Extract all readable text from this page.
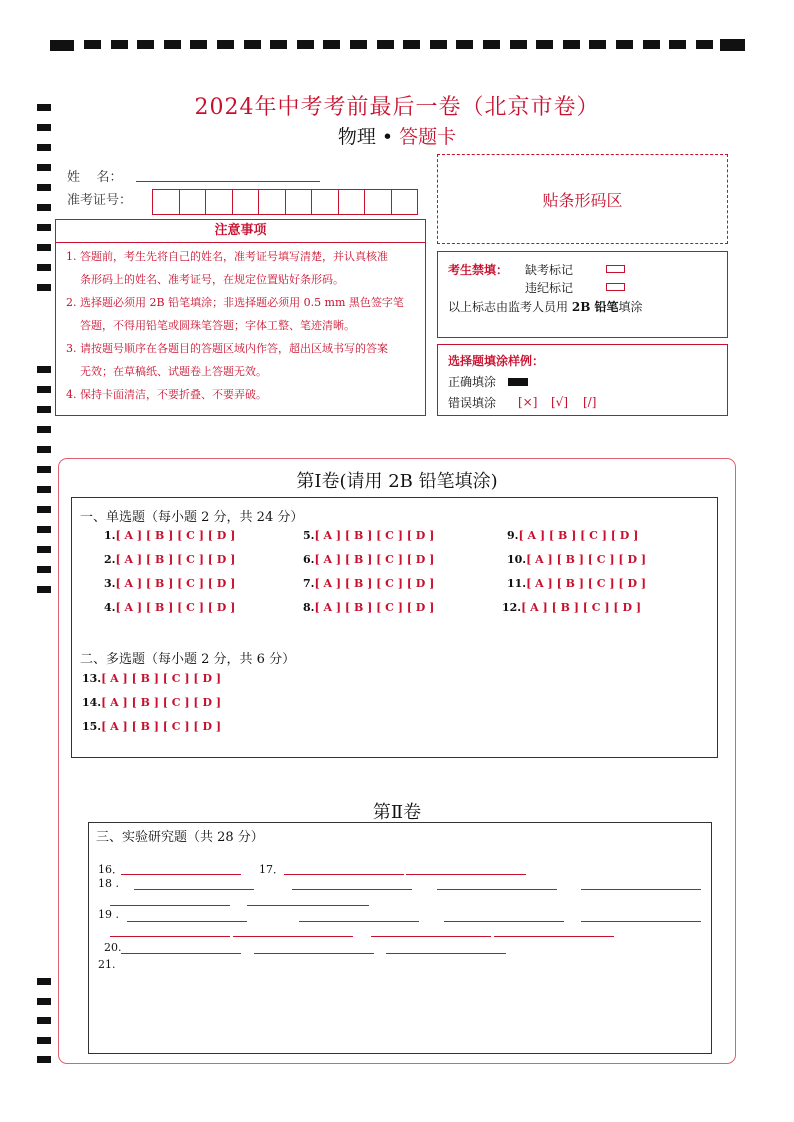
2024年中考考前最后一卷（北京市卷）
物理 • 答题卡
姓    名：
准考证号：	贴条形码区
注意事项
1. 答题前，考生先将自己的姓名，准考证号填写清楚，并认真核准
条形码上的姓名、准考证号，在规定位置贴好条形码。
2. 选择题必须用 2B 铅笔填涂；非选择题必须用 0.5 mm 黑色签字笔
答题，不得用铅笔或圆珠笔答题；字体工整、笔迹清晰。
3. 请按题号顺序在各题目的答题区域内作答，超出区域书写的答案
无效；在草稿纸、试题卷上答题无效。
4. 保持卡面清洁，不要折叠、不要弄破。
考生禁填： 缺考标记
违纪标记
以上标志由监考人员用 2B 铅笔填涂
选择题填涂样例：
正确填涂
错误填涂 [×] [√] [/]
第Ⅰ卷(请用 2B 铅笔填涂)
一、单选题（每小题 2 分，共 24 分）
1.[ A ] [ B ] [ C ] [ D ]
2.[ A ] [ B ] [ C ] [ D ]
3.[ A ] [ B ] [ C ] [ D ]
4.[ A ] [ B ] [ C ] [ D ]
5.[ A ] [ B ] [ C ] [ D ]
6.[ A ] [ B ] [ C ] [ D ]
7.[ A ] [ B ] [ C ] [ D ]
8.[ A ] [ B ] [ C ] [ D ]
9.[ A ] [ B ] [ C ] [ D ]
10.[ A ] [ B ] [ C ] [ D ]
11.[ A ] [ B ] [ C ] [ D ]
12.[ A ] [ B ] [ C ] [ D ]
二、多选题（每小题 2 分，共 6 分）
13.[ A ] [ B ] [ C ] [ D ]
14.[ A ] [ B ] [ C ] [ D ]
15.[ A ] [ B ] [ C ] [ D ]
第Ⅱ卷
三、实验研究题（共 28 分）
16．	17．
18 .
19 .
20.
21.
